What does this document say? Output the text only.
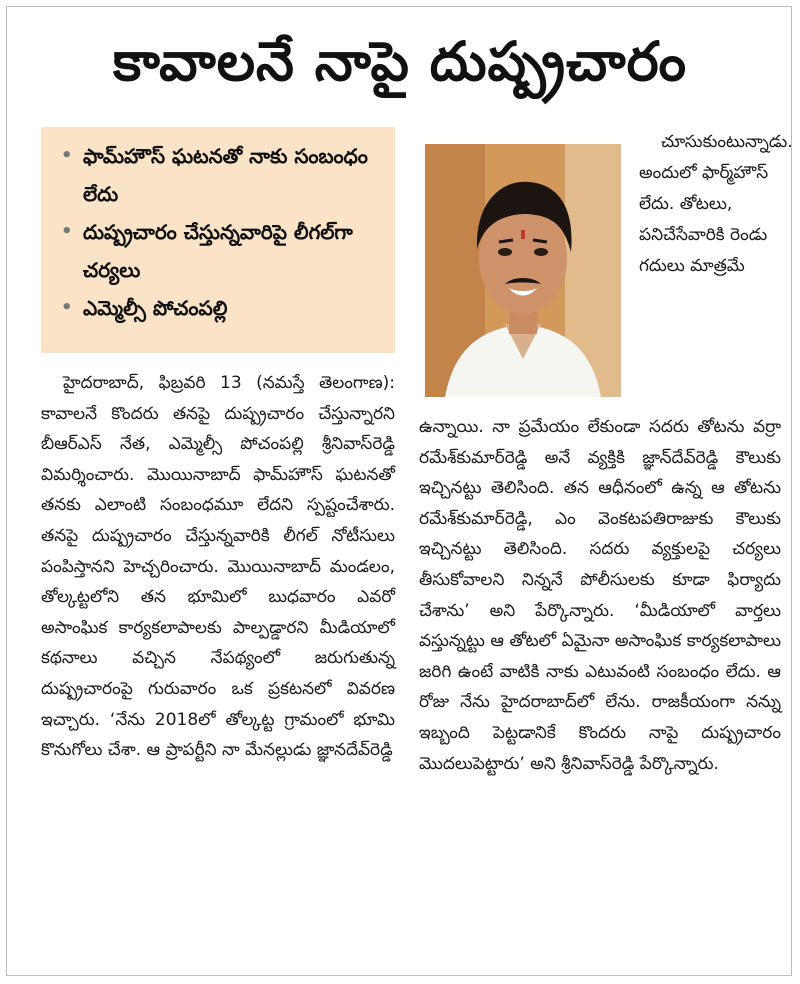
కావాలనే నాపై దుష్ప్రచారం
• ఫామ్‌హౌస్ ఘటనతో నాకు సంబంధం లేదు
• దుష్ప్రచారం చేస్తున్నవారిపై లీగల్‌గా చర్యలు
• ఎమ్మెల్సీ పోచంపల్లి

హైదరాబాద్, ఫిబ్రవరి 13 (నమస్తే తెలంగాణ): కావాలనే కొందరు తనపై దుష్ప్రచారం చేస్తున్నారని బీఆర్‌ఎస్ నేత, ఎమ్మెల్సీ పోచంపల్లి శ్రీనివాస్‌రెడ్డి విమర్శించారు. మొయినాబాద్ ఫామ్‌హౌస్ ఘటనతో తనకు ఎలాంటి సంబంధమూ లేదని స్పష్టంచేశారు. తనపై దుష్ప్రచారం చేస్తున్నవారికి లీగల్ నోటీసులు పంపిస్తానని హెచ్చరించారు. మొయినాబాద్ మండలం, తోల్కట్టలోని తన భూమిలో బుధవారం ఎవరో అసాంఘిక కార్యకలాపాలకు పాల్పడ్డారని మీడియాలో కథనాలు వచ్చిన నేపథ్యంలో జరుగుతున్న దుష్ప్రచారంపై గురువారం ఒక ప్రకటనలో వివరణ ఇచ్చారు. ‘నేను 2018లో తోల్కట్ట గ్రామంలో భూమి కొనుగోలు చేశా. ఆ ప్రాపర్టీని నా మేనల్లుడు జ్ఞానదేవ్‌రెడ్డి

చూసుకుంటున్నాడు. అందులో ఫార్మ్‌హౌస్ లేదు. తోటలు, పనిచేసేవారికి రెండు గదులు మాత్రమే

ఉన్నాయి. నా ప్రమేయం లేకుండా సదరు తోటను వర్రా రమేశ్‌కుమార్‌రెడ్డి అనే వ్యక్తికి జ్ఞాన్‌దేవ్‌రెడ్డి కౌలుకు ఇచ్చినట్టు తెలిసింది. తన ఆధీనంలో ఉన్న ఆ తోటను రమేశ్‌కుమార్‌రెడ్డి, ఎం వెంకటపతిరాజుకు కౌలుకు ఇచ్చినట్టు తెలిసింది. సదరు వ్యక్తులపై చర్యలు తీసుకోవాలని నిన్ననే పోలీసులకు కూడా ఫిర్యాదు చేశాను’ అని పేర్కొన్నారు. ‘మీడియాలో వార్తలు వస్తున్నట్టు ఆ తోటలో ఏమైనా అసాంఘిక కార్యకలాపాలు జరిగి ఉంటే వాటికి నాకు ఎటువంటి సంబంధం లేదు. ఆ రోజు నేను హైదరాబాద్‌లో లేను. రాజకీయంగా నన్ను ఇబ్బంది పెట్టడానికే కొందరు నాపై దుష్ప్రచారం మొదలుపెట్టారు’ అని శ్రీనివాస్‌రెడ్డి పేర్కొన్నారు.
